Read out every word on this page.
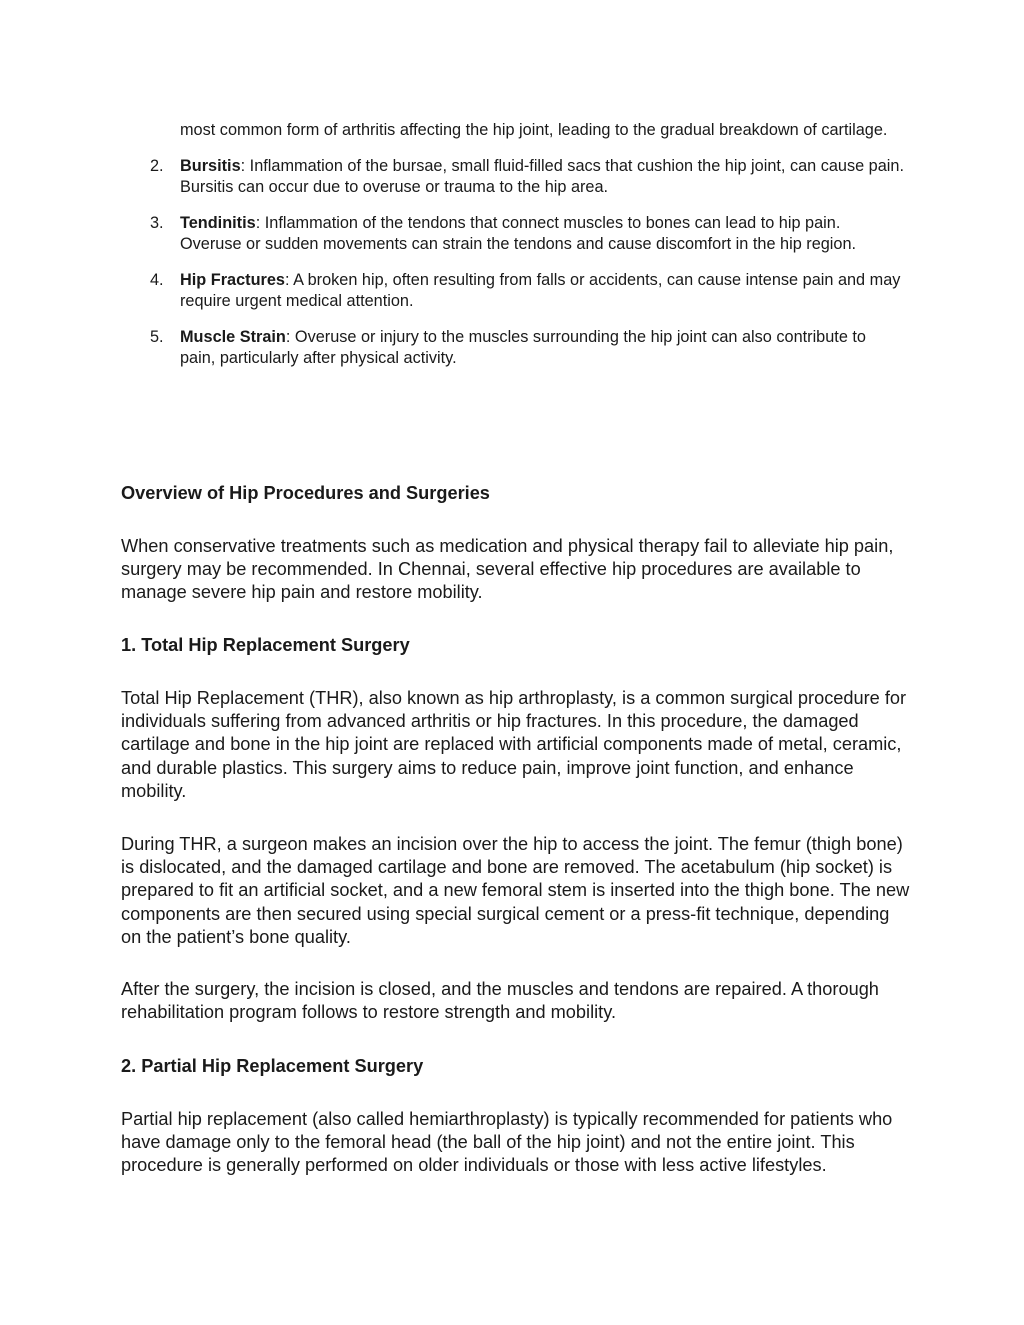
most common form of arthritis affecting the hip joint, leading to the gradual breakdown of cartilage.
2. Bursitis: Inflammation of the bursae, small fluid-filled sacs that cushion the hip joint, can cause pain. Bursitis can occur due to overuse or trauma to the hip area.
3. Tendinitis: Inflammation of the tendons that connect muscles to bones can lead to hip pain. Overuse or sudden movements can strain the tendons and cause discomfort in the hip region.
4. Hip Fractures: A broken hip, often resulting from falls or accidents, can cause intense pain and may require urgent medical attention.
5. Muscle Strain: Overuse or injury to the muscles surrounding the hip joint can also contribute to pain, particularly after physical activity.
Overview of Hip Procedures and Surgeries
When conservative treatments such as medication and physical therapy fail to alleviate hip pain, surgery may be recommended. In Chennai, several effective hip procedures are available to manage severe hip pain and restore mobility.
1. Total Hip Replacement Surgery
Total Hip Replacement (THR), also known as hip arthroplasty, is a common surgical procedure for individuals suffering from advanced arthritis or hip fractures. In this procedure, the damaged cartilage and bone in the hip joint are replaced with artificial components made of metal, ceramic, and durable plastics. This surgery aims to reduce pain, improve joint function, and enhance mobility.
During THR, a surgeon makes an incision over the hip to access the joint. The femur (thigh bone) is dislocated, and the damaged cartilage and bone are removed. The acetabulum (hip socket) is prepared to fit an artificial socket, and a new femoral stem is inserted into the thigh bone. The new components are then secured using special surgical cement or a press-fit technique, depending on the patient’s bone quality.
After the surgery, the incision is closed, and the muscles and tendons are repaired. A thorough rehabilitation program follows to restore strength and mobility.
2. Partial Hip Replacement Surgery
Partial hip replacement (also called hemiarthroplasty) is typically recommended for patients who have damage only to the femoral head (the ball of the hip joint) and not the entire joint. This procedure is generally performed on older individuals or those with less active lifestyles.
